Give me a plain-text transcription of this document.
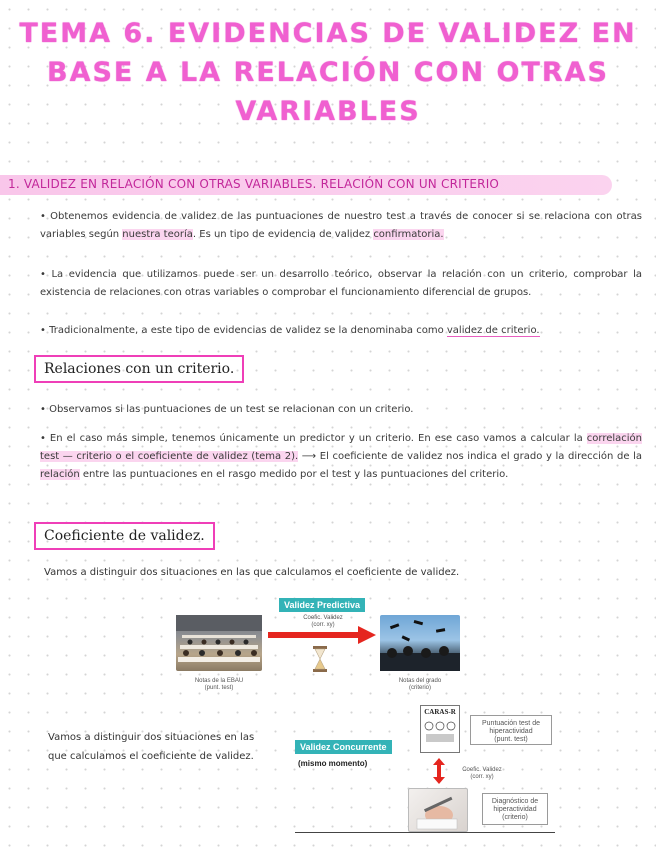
TEMA 6. EVIDENCIAS DE VALIDEZ EN
BASE A LA RELACIÓN CON OTRAS
VARIABLES
1. VALIDEZ EN RELACIÓN CON OTRAS VARIABLES. RELACIÓN CON UN CRITERIO
• Obtenemos evidencia de validez de las puntuaciones de nuestro test a través de conocer si se relaciona con otras variables según nuestra teoría. Es un tipo de evidencia de validez confirmatoria.
• La evidencia que utilizamos puede ser un desarrollo teórico, observar la relación con un criterio, comprobar la existencia de relaciones con otras variables o comprobar el funcionamiento diferencial de grupos.
• Tradicionalmente, a este tipo de evidencias de validez se la denominaba como validez de criterio.
Relaciones con un criterio.
• Observamos si las puntuaciones de un test se relacionan con un criterio.
• En el caso más simple, tenemos únicamente un predictor y un criterio. En ese caso vamos a calcular la correlación test — criterio o el coeficiente de validez (tema 2). ⟶ El coeficiente de validez nos indica el grado y la dirección de la relación entre las puntuaciones en el rasgo medido por el test y las puntuaciones del criterio.
Coeficiente de validez.
Vamos a distinguir dos situaciones en las que calculamos el coeficiente de validez.
Validez Predictiva
Coefic. Validez
(corr. xy)
Notas de la EBAU
(punt. test)
Notas del grado
(criterio)
Vamos a distinguir dos situaciones en las que calculamos el coeficiente de validez.
Validez Concurrente
(mismo momento)
CARAS-R
Puntuación test de
hiperactividad
(punt. test)
Coefic. Validez
(corr. xy)
Diagnóstico de
hiperactividad
(criterio)
